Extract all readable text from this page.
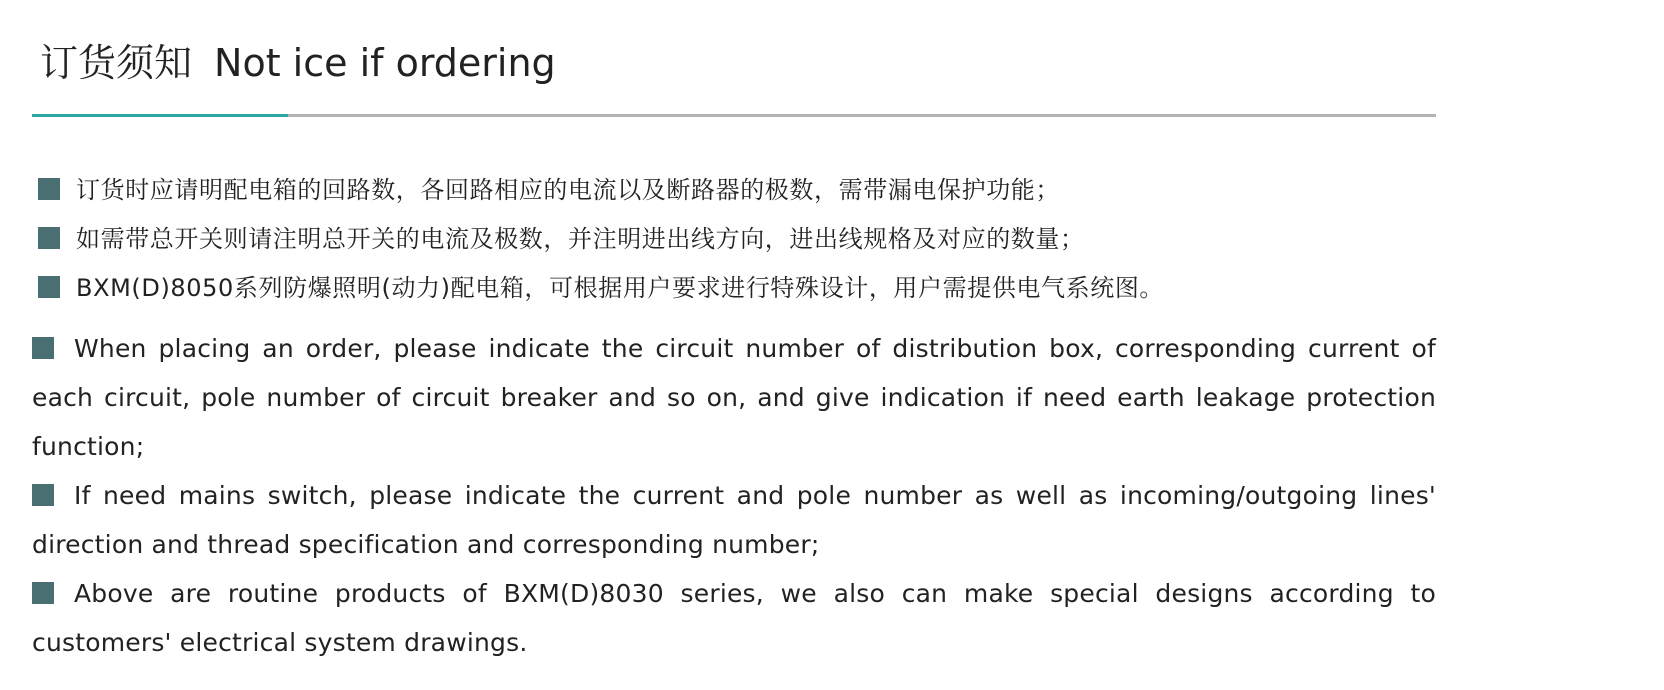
订货须知 Not ice if ordering
订货时应请明配电箱的回路数，各回路相应的电流以及断路器的极数，需带漏电保护功能；
如需带总开关则请注明总开关的电流及极数，并注明进出线方向，进出线规格及对应的数量；
BXM(D)8050系列防爆照明(动力)配电箱，可根据用户要求进行特殊设计，用户需提供电气系统图。
When placing an order, please indicate the circuit number of distribution box, corresponding current of each circuit, pole number of circuit breaker and so on, and give indication if need earth leakage protection function;
If need mains switch, please indicate the current and pole number as well as incoming/outgoing lines' direction and thread specification and corresponding number;
Above are routine products of BXM(D)8030 series, we also can make special designs according to customers' electrical system drawings.
